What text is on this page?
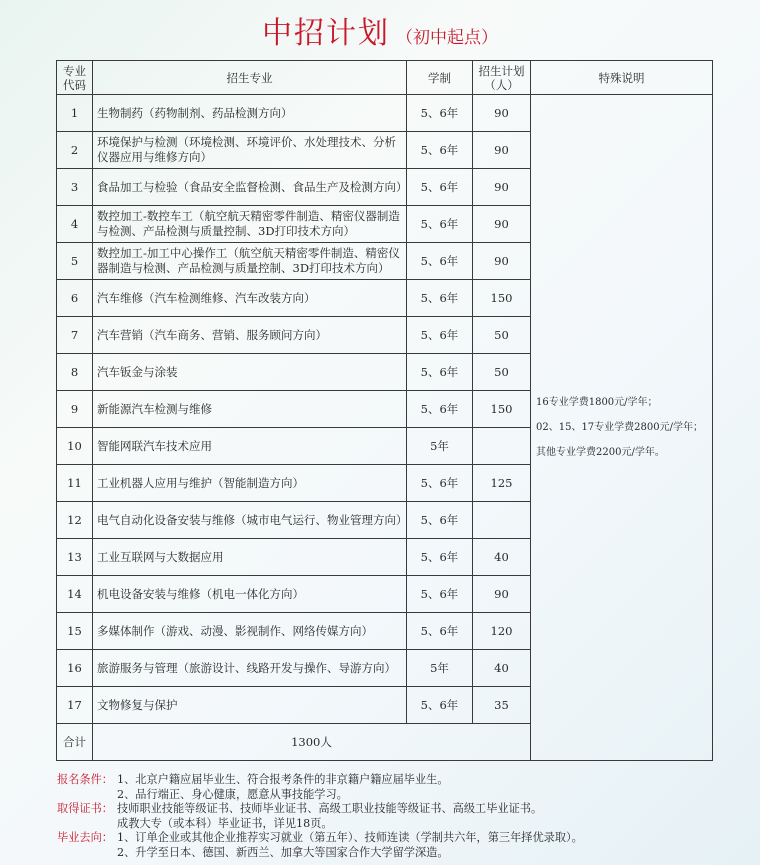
中招计划 （初中起点）
专业代码	招生专业	学制	招生计划（人）	特殊说明
1	生物制药（药物制剂、药品检测方向）	5、6年	90	16专业学费1800元/学年；
02、15、17专业学费2800元/学年；
其他专业学费2200元/学年。

2	环境保护与检测（环境检测、环境评价、水处理技术、分析仪器应用与维修方向）	5、6年	90	
3	食品加工与检验（食品安全监督检测、食品生产及检测方向）	5、6年	90	
4	数控加工-数控车工（航空航天精密零件制造、精密仪器制造与检测、产品检测与质量控制、3D打印技术方向）	5、6年	90	
5	数控加工-加工中心操作工（航空航天精密零件制造、精密仪器制造与检测、产品检测与质量控制、3D打印技术方向）	5、6年	90	
6	汽车维修（汽车检测维修、汽车改装方向）	5、6年	150	
7	汽车营销（汽车商务、营销、服务顾问方向）	5、6年	50	
8	汽车钣金与涂装	5、6年	50	
9	新能源汽车检测与维修	5、6年	150	
10	智能网联汽车技术应用	5年		
11	工业机器人应用与维护（智能制造方向）	5、6年	125	
12	电气自动化设备安装与维修（城市电气运行、物业管理方向）	5、6年		
13	工业互联网与大数据应用	5、6年	40	
14	机电设备安装与维修（机电一体化方向）	5、6年	90	
15	多媒体制作（游戏、动漫、影视制作、网络传媒方向）	5、6年	120	
16	旅游服务与管理（旅游设计、线路开发与操作、导游方向）	5年	40	
17	文物修复与保护	5、6年	35	
合计	1300人			
报名条件： 1、北京户籍应届毕业生、符合报考条件的非京籍户籍应届毕业生。
2、品行端正、身心健康，愿意从事技能学习。
取得证书： 技师职业技能等级证书、技师毕业证书、高级工职业技能等级证书、高级工毕业证书。
成教大专（或本科）毕业证书，详见18页。
毕业去向： 1、订单企业或其他企业推荐实习就业（第五年）、技师连读（学制共六年，第三年择优录取）。
2、升学至日本、德国、新西兰、加拿大等国家合作大学留学深造。
